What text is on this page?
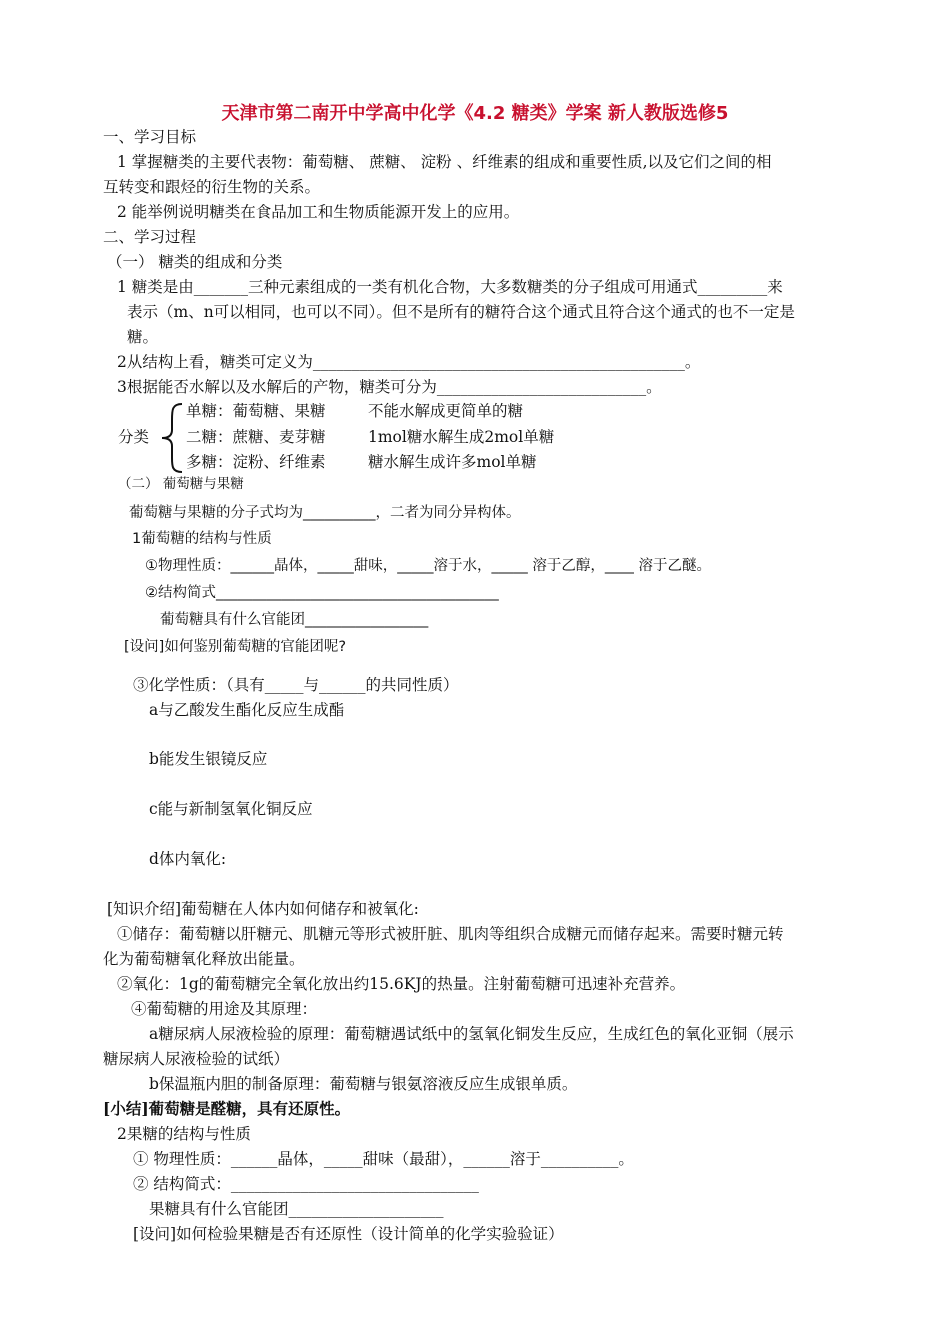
天津市第二南开中学高中化学《4.2 糖类》学案 新人教版选修5
一、学习目标
1 掌握糖类的主要代表物：葡萄糖、 蔗糖、 淀粉 、纤维素的组成和重要性质,以及它们之间的相
互转变和跟烃的衍生物的关系。
2 能举例说明糖类在食品加工和生物质能源开发上的应用。
二、学习过程
（一） 糖类的组成和分类
1 糖类是由_______三种元素组成的一类有机化合物，大多数糖类的分子组成可用通式_________来
表示（m、n可以相同，也可以不同）。但不是所有的糖符合这个通式且符合这个通式的也不一定是
糖。
2从结构上看，糖类可定义为________________________________________________。
3根据能否水解以及水解后的产物，糖类可分为___________________________。
分类
单糖：葡萄糖、果糖	不能水解成更简单的糖
二糖：蔗糖、麦芽糖	1mol糖水解生成2mol单糖
多糖：淀粉、纤维素	糖水解生成许多mol单糖
（二） 葡萄糖与果糖
葡萄糖与果糖的分子式均为__________，二者为同分异构体。
1葡萄糖的结构与性质
①物理性质：______晶体，_____甜味，_____溶于水，_____ 溶于乙醇，____ 溶于乙醚。
②结构简式_______________________________________
葡萄糖具有什么官能团_________________
[设问]如何鉴别葡萄糖的官能团呢?
③化学性质：（具有_____与______的共同性质）
a与乙酸发生酯化反应生成酯
b能发生银镜反应
c能与新制氢氧化铜反应
d体内氧化:
[知识介绍]葡萄糖在人体内如何储存和被氧化:
①储存：葡萄糖以肝糖元、肌糖元等形式被肝脏、肌肉等组织合成糖元而储存起来。需要时糖元转
化为葡萄糖氧化释放出能量。
②氧化：1g的葡萄糖完全氧化放出约15.6KJ的热量。注射葡萄糖可迅速补充营养。
④葡萄糖的用途及其原理：
a糖尿病人尿液检验的原理：葡萄糖遇试纸中的氢氧化铜发生反应，生成红色的氧化亚铜（展示
糖尿病人尿液检验的试纸）
b保温瓶内胆的制备原理：葡萄糖与银氨溶液反应生成银单质。
[小结]葡萄糖是醛糖，具有还原性。
2果糖的结构与性质
① 物理性质：______晶体，_____甜味（最甜），______溶于__________。
② 结构简式：________________________________
果糖具有什么官能团____________________
[设问]如何检验果糖是否有还原性（设计简单的化学实验验证）
